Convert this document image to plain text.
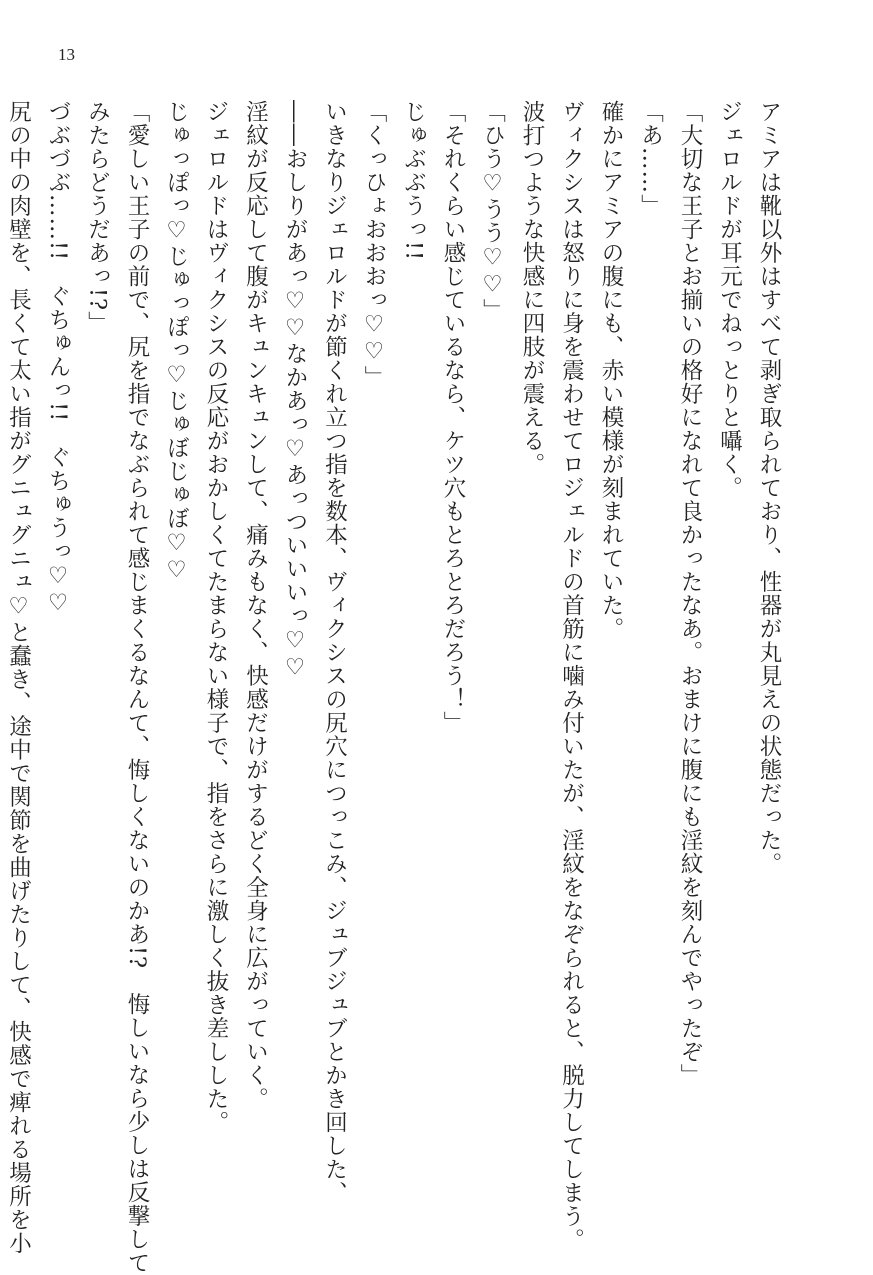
13
アミアは靴以外はすべて剥ぎ取られており、性器が丸見えの状態だった。
ジェロルドが耳元でねっとりと囁く。
「大切な王子とお揃いの格好になれて良かったなあ。おまけに腹にも淫紋を刻んでやったぞ」
「あ……」
確かにアミアの腹にも、赤い模様が刻まれていた。
ヴィクシスは怒りに身を震わせてロジェルドの首筋に噛み付いたが、淫紋をなぞられると、脱力してしまう。
波打つような快感に四肢が震える。
「ひう♡うう♡♡」
「それくらい感じているなら、ケツ穴もとろとろだろう！」
じゅぶぶうっ!!
「くっひょおおおっ♡♡」
いきなりジェロルドが節くれ立つ指を数本、ヴィクシスの尻穴につっこみ、ジュブジュブとかき回した、
――おしりがあっ♡♡なかあっ♡あっついいいっ♡♡
淫紋が反応して腹がキュンキュンして、痛みもなく、快感だけがするどく全身に広がっていく。
ジェロルドはヴィクシスの反応がおかしくてたまらない様子で、指をさらに激しく抜き差しした。
じゅっぽっ♡じゅっぽっ♡じゅぼじゅぼ♡♡
「愛しい王子の前で、尻を指でなぶられて感じまくるなんて、悔しくないのかあ!?　悔しいなら少しは反撃して
みたらどうだあっ!?」
づぶづぶ……!!　ぐちゅんっ!!　ぐちゅうっ♡♡
尻の中の肉壁を、長くて太い指がグニュグニュ♡と蠢き、途中で関節を曲げたりして、快感で痺れる場所を小
